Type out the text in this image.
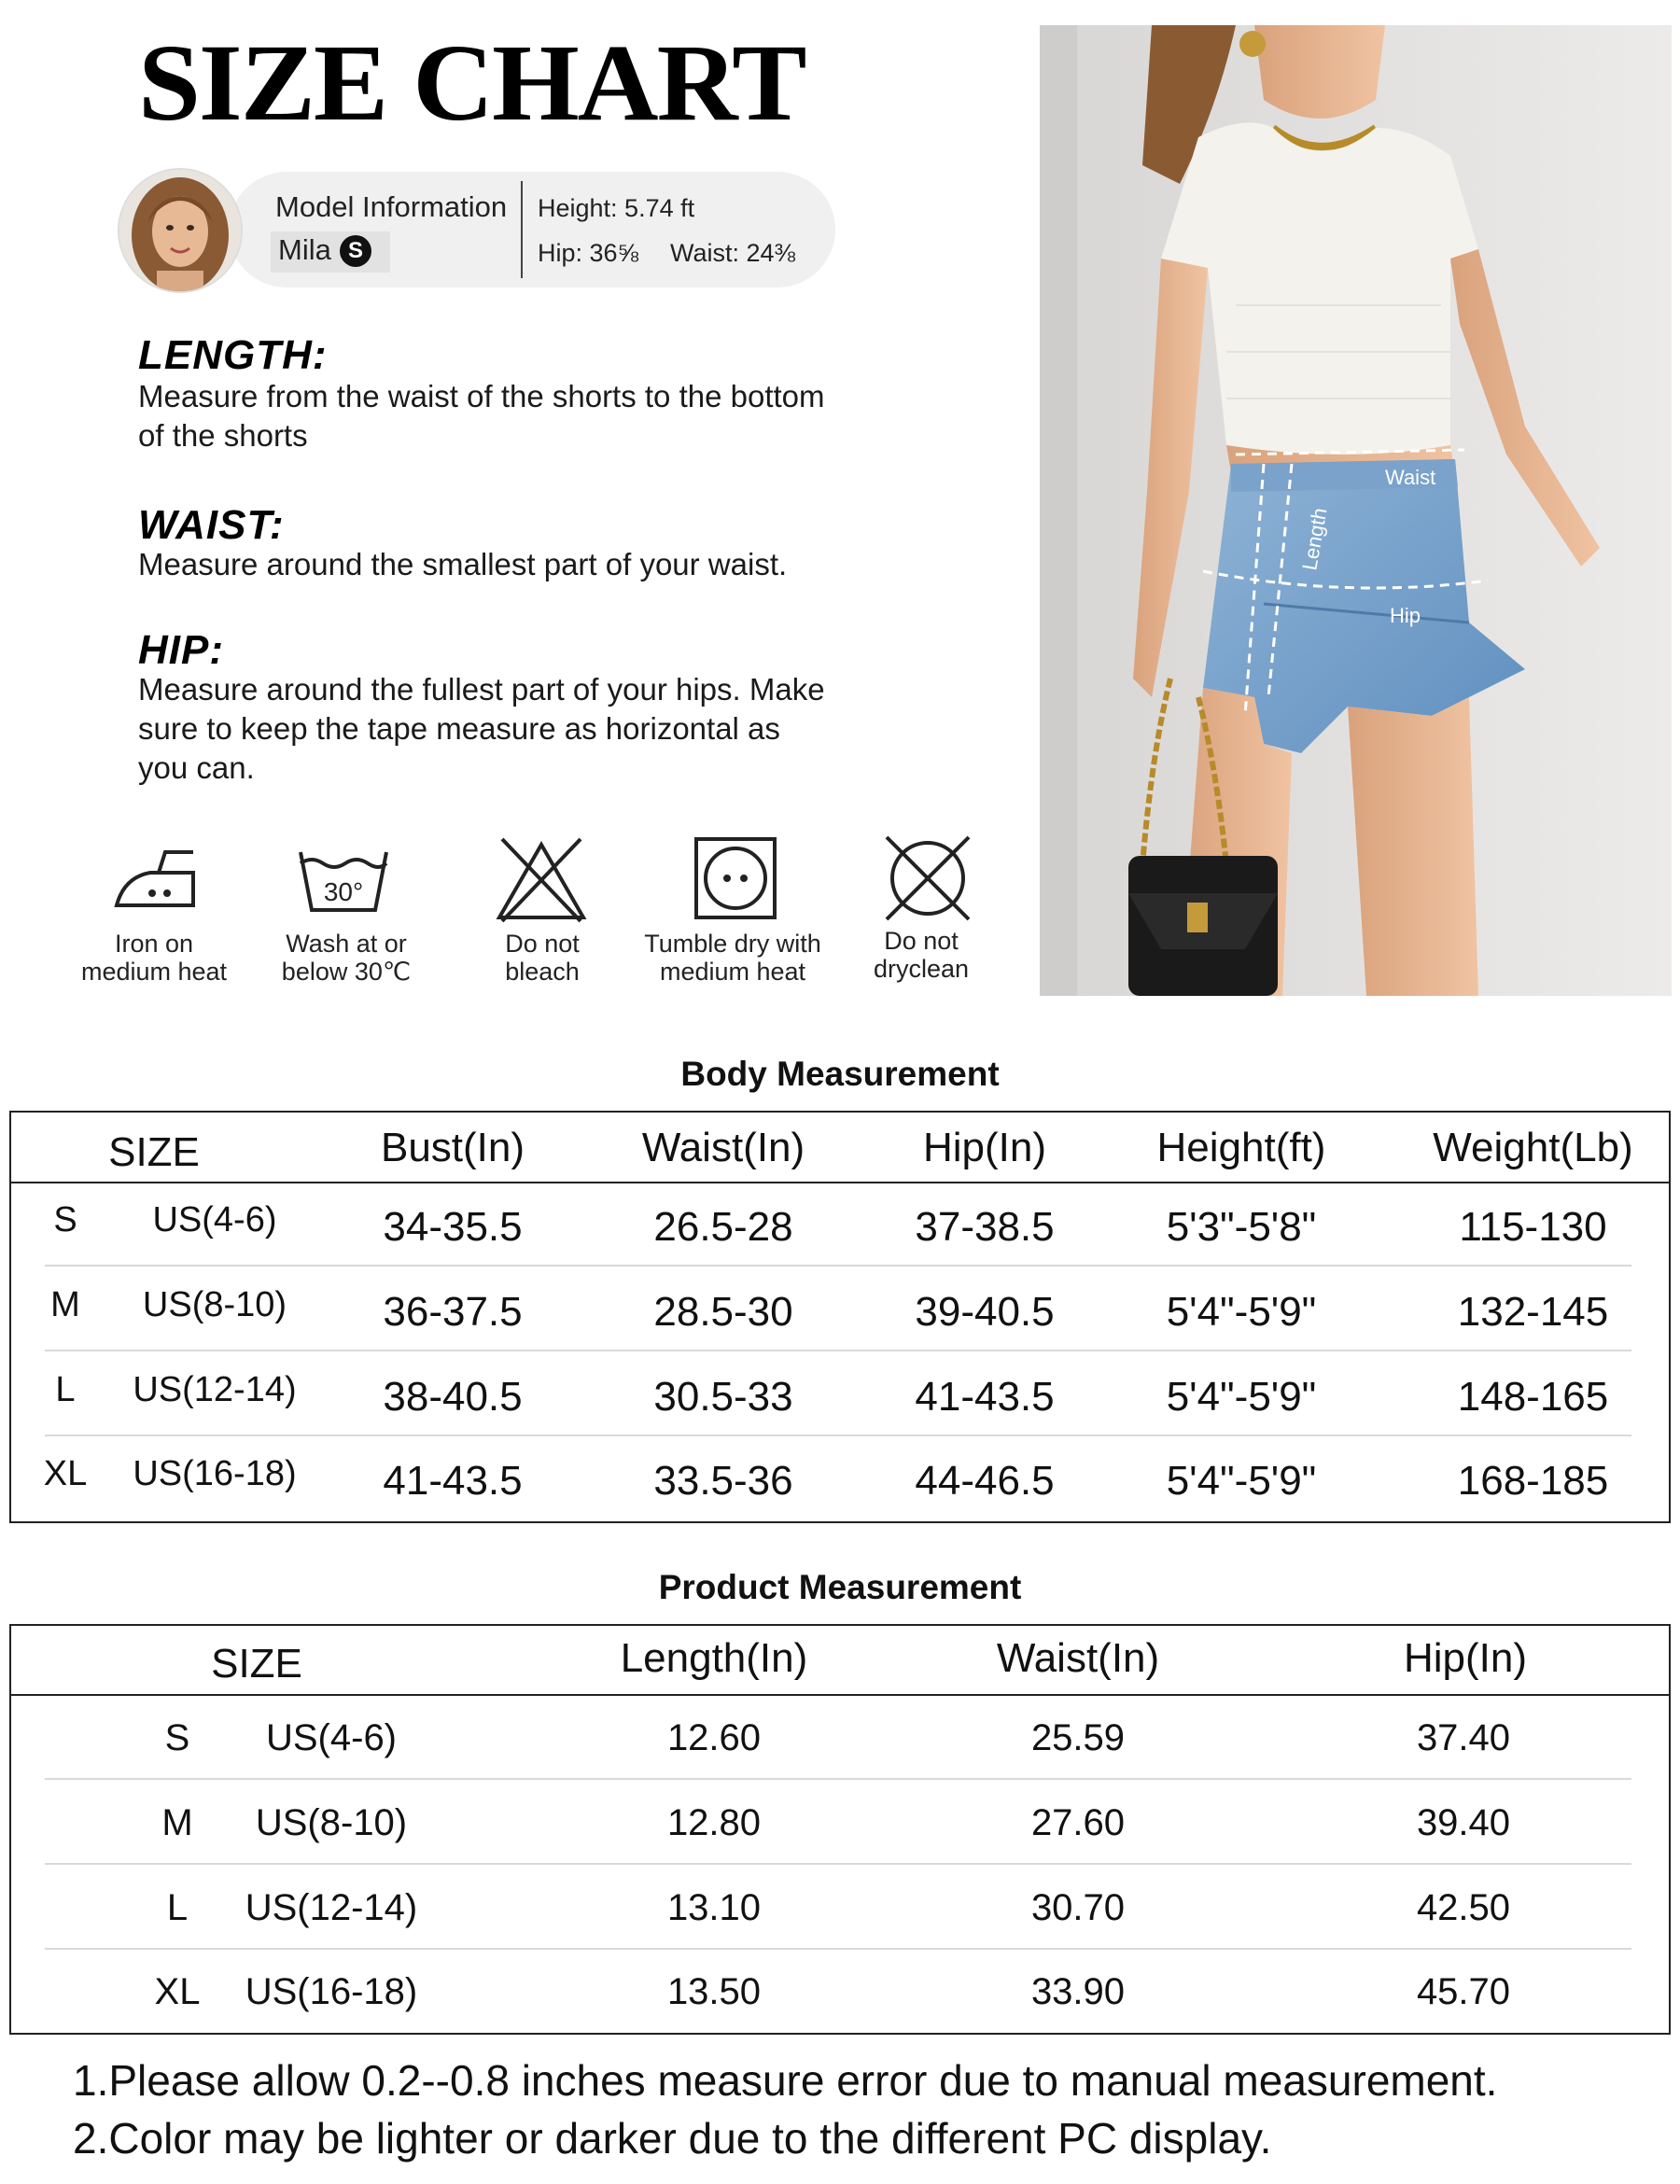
SIZE CHART
Model Information
Mila S
Height: 5.74 ft
Hip: 36⅝ Waist: 24⅜
LENGTH:
Measure from the waist of the shorts to the bottom of the shorts
WAIST:
Measure around the smallest part of your waist.
HIP:
Measure around the fullest part of your hips. Make sure to keep the tape measure as horizontal as you can.
30°
Iron on
medium heat
Wash at or
below 30℃
Do not
bleach
Tumble dry with
medium heat
Do not
dryclean
Waist
Hip
Length
Body Measurement
SIZE	Bust(In)	Waist(In)	Hip(In)	Height(ft)	Weight(Lb)
S	US(4-6)	34-35.5	26.5-28	37-38.5	5'3"-5'8"	115-130
M	US(8-10)	36-37.5	28.5-30	39-40.5	5'4"-5'9"	132-145
L	US(12-14)	38-40.5	30.5-33	41-43.5	5'4"-5'9"	148-165
XL	US(16-18)	41-43.5	33.5-36	44-46.5	5'4"-5'9"	168-185
Product Measurement
SIZE	Length(In)	Waist(In)	Hip(In)
S	US(4-6)	12.60	25.59	37.40
M	US(8-10)	12.80	27.60	39.40
L	US(12-14)	13.10	30.70	42.50
XL	US(16-18)	13.50	33.90	45.70
1.Please allow 0.2--0.8 inches measure error due to manual measurement.
2.Color may be lighter or darker due to the different PC display.
